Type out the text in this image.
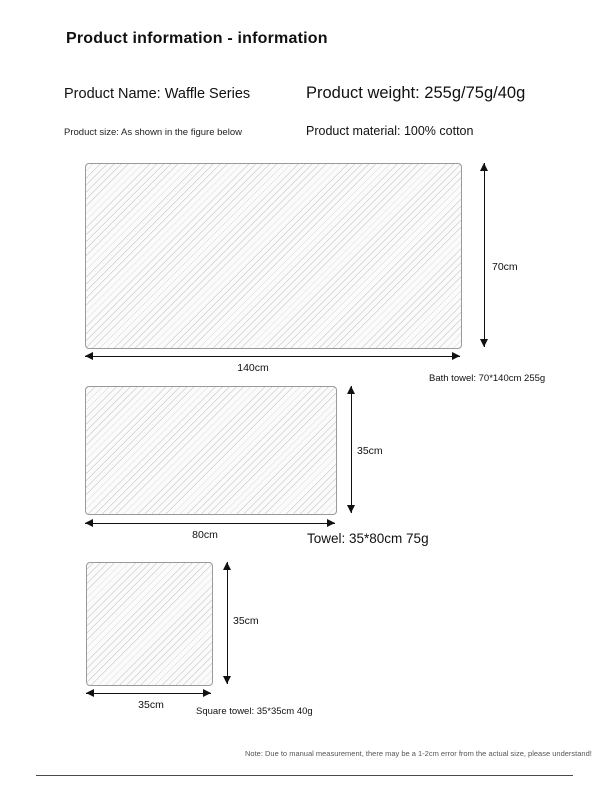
Product information - information
Product Name: Waffle Series	Product weight: 255g/75g/40g
Product size: As shown in the figure below	Product material: 100% cotton
140cm
70cm
Bath towel: 70*140cm 255g
80cm
35cm
Towel: 35*80cm 75g
35cm
35cm
Square towel: 35*35cm 40g
Note: Due to manual measurement, there may be a 1-2cm error from the actual size, please understand!
